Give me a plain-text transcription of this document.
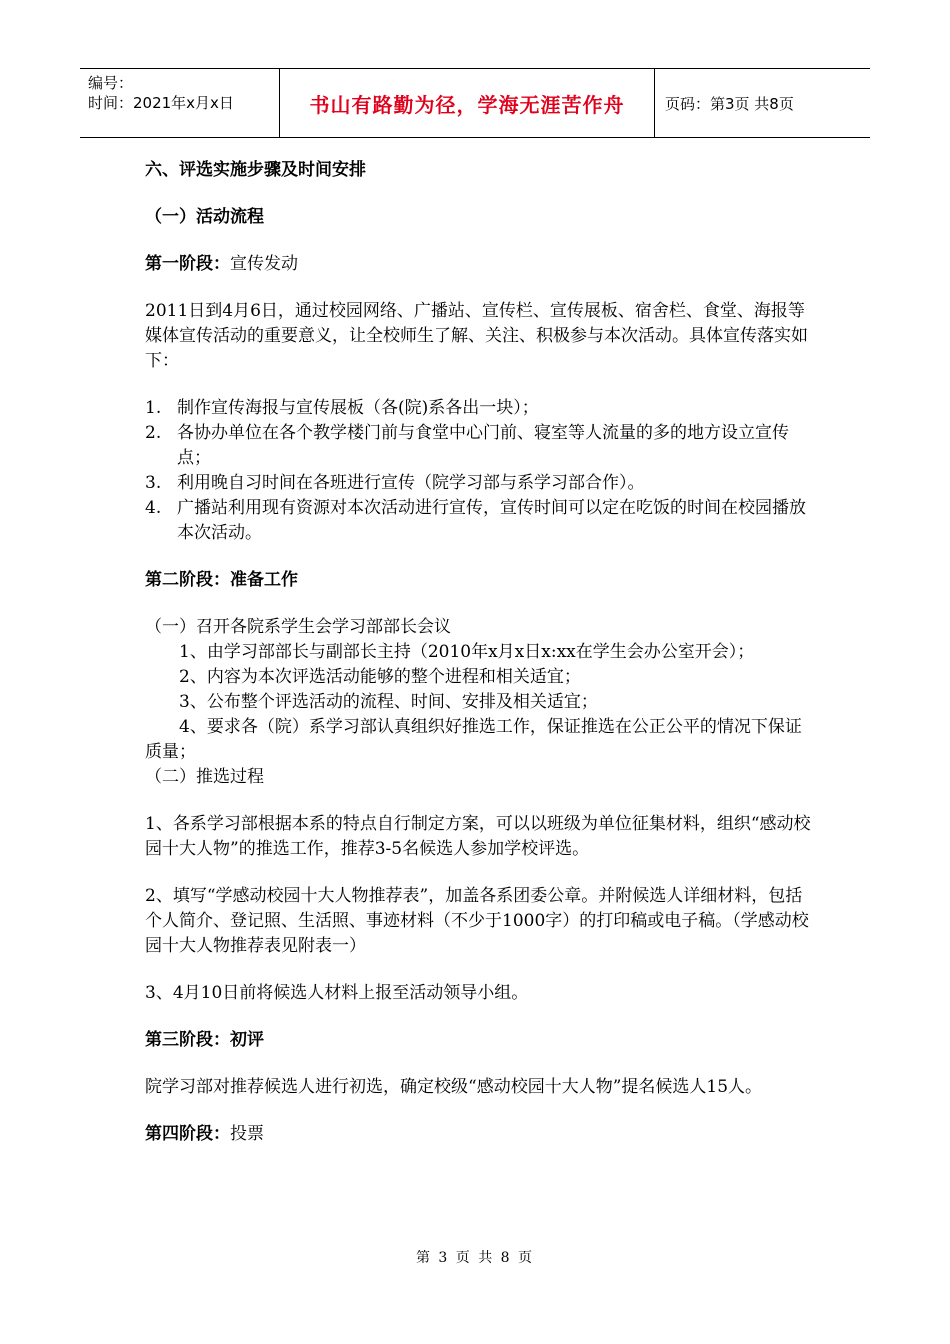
编号：
时间：2021年x月x日	书山有路勤为径，学海无涯苦作舟	页码：第3页 共8页

六、评选实施步骤及时间安排

（一）活动流程

第一阶段：宣传发动

2011日到4月6日，通过校园网络、广播站、宣传栏、宣传展板、宿舍栏、食堂、海报等媒体宣传活动的重要意义，让全校师生了解、关注、积极参与本次活动。具体宣传落实如下：

1. 制作宣传海报与宣传展板（各(院)系各出一块）；
2. 各协办单位在各个教学楼门前与食堂中心门前、寝室等人流量的多的地方设立宣传点；
3. 利用晚自习时间在各班进行宣传（院学习部与系学习部合作）。
4. 广播站利用现有资源对本次活动进行宣传，宣传时间可以定在吃饭的时间在校园播放本次活动。

第二阶段：准备工作

（一）召开各院系学生会学习部部长会议

1、由学习部部长与副部长主持（2010年x月x日x:xx在学生会办公室开会）；

2、内容为本次评选活动能够的整个进程和相关适宜；

3、公布整个评选活动的流程、时间、安排及相关适宜；

4、要求各（院）系学习部认真组织好推选工作，保证推选在公正公平的情况下保证质量；

（二）推选过程

1、各系学习部根据本系的特点自行制定方案，可以以班级为单位征集材料，组织“感动校园十大人物”的推选工作，推荐3-5名候选人参加学校评选。

2、填写“学感动校园十大人物推荐表”，加盖各系团委公章。并附候选人详细材料，包括个人简介、登记照、生活照、事迹材料（不少于1000字）的打印稿或电子稿。（学感动校园十大人物推荐表见附表一）

3、4月10日前将候选人材料上报至活动领导小组。

第三阶段：初评

院学习部对推荐候选人进行初选，确定校级“感动校园十大人物”提名候选人15人。

第四阶段：投票

第 3 页 共 8 页
